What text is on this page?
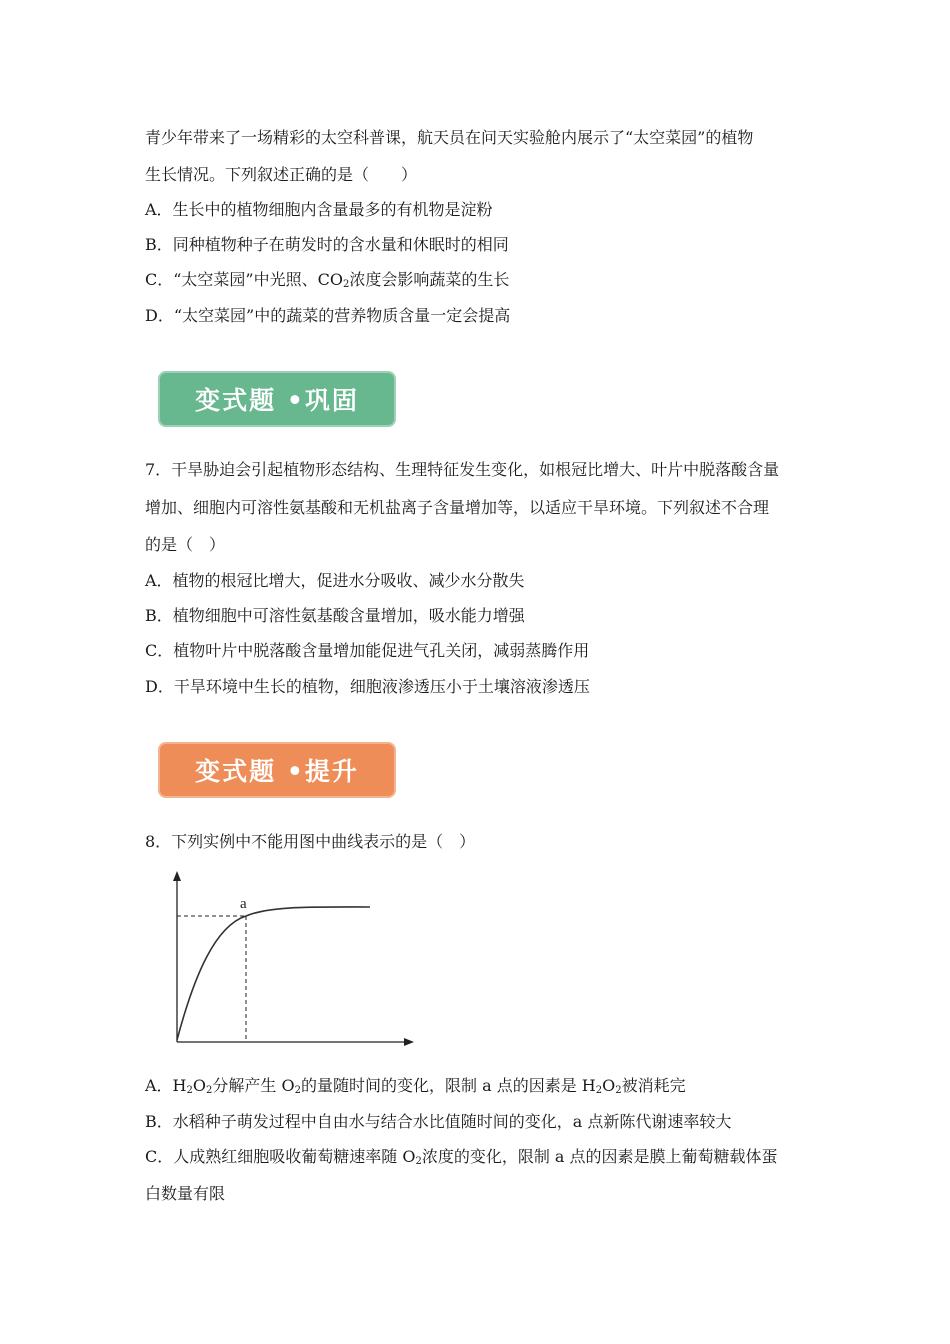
青少年带来了一场精彩的太空科普课，航天员在问天实验舱内展示了“太空菜园”的植物
生长情况。下列叙述正确的是（　　）
A．生长中的植物细胞内含量最多的有机物是淀粉
B．同种植物种子在萌发时的含水量和休眠时的相同
C．“太空菜园”中光照、$CO_2$浓度会影响蔬菜的生长
D．“太空菜园”中的蔬菜的营养物质含量一定会提高
变式题 •巩固
7．干旱胁迫会引起植物形态结构、生理特征发生变化，如根冠比增大、叶片中脱落酸含量
增加、细胞内可溶性氨基酸和无机盐离子含量增加等，以适应干旱环境。下列叙述不合理
的是（　）
A．植物的根冠比增大，促进水分吸收、减少水分散失
B．植物细胞中可溶性氨基酸含量增加，吸水能力增强
C．植物叶片中脱落酸含量增加能促进气孔关闭，减弱蒸腾作用
D．干旱环境中生长的植物，细胞液渗透压小于土壤溶液渗透压
变式题 •提升
8．下列实例中不能用图中曲线表示的是（　）
a
A．$H_2O_2$分解产生 $O_2$的量随时间的变化，限制 a 点的因素是 $H_2O_2$被消耗完
B．水稻种子萌发过程中自由水与结合水比值随时间的变化，a 点新陈代谢速率较大
C．人成熟红细胞吸收葡萄糖速率随 $O_2$浓度的变化，限制 a 点的因素是膜上葡萄糖载体蛋
白数量有限
